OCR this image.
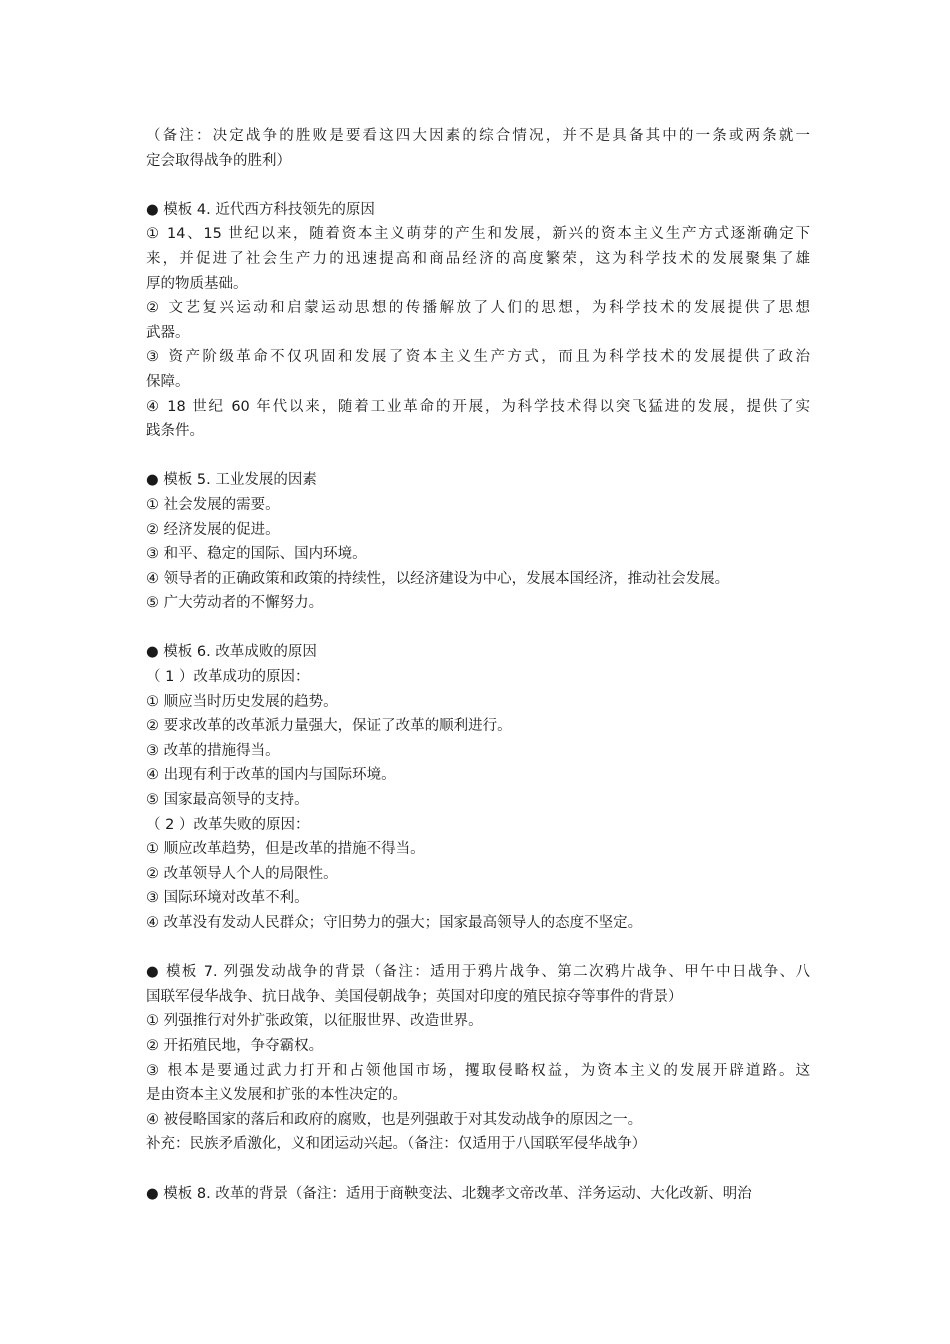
（备注：决定战争的胜败是要看这四大因素的综合情况，并不是具备其中的一条或两条就一
定会取得战争的胜利）
● 模板 4. 近代西方科技领先的原因
① 14、15 世纪以来，随着资本主义萌芽的产生和发展，新兴的资本主义生产方式逐渐确定下
来，并促进了社会生产力的迅速提高和商品经济的高度繁荣，这为科学技术的发展聚集了雄
厚的物质基础。
② 文艺复兴运动和启蒙运动思想的传播解放了人们的思想，为科学技术的发展提供了思想
武器。
③ 资产阶级革命不仅巩固和发展了资本主义生产方式，而且为科学技术的发展提供了政治
保障。
④ 18 世纪 60 年代以来，随着工业革命的开展，为科学技术得以突飞猛进的发展，提供了实
践条件。
● 模板 5. 工业发展的因素
① 社会发展的需要。
② 经济发展的促进。
③ 和平、稳定的国际、国内环境。
④ 领导者的正确政策和政策的持续性，以经济建设为中心，发展本国经济，推动社会发展。
⑤ 广大劳动者的不懈努力。
● 模板 6. 改革成败的原因
（ 1 ）改革成功的原因：
① 顺应当时历史发展的趋势。
② 要求改革的改革派力量强大，保证了改革的顺利进行。
③ 改革的措施得当。
④ 出现有利于改革的国内与国际环境。
⑤ 国家最高领导的支持。
（ 2 ）改革失败的原因：
① 顺应改革趋势，但是改革的措施不得当。
② 改革领导人个人的局限性。
③ 国际环境对改革不利。
④ 改革没有发动人民群众；守旧势力的强大；国家最高领导人的态度不坚定。
● 模板 7. 列强发动战争的背景（备注：适用于鸦片战争、第二次鸦片战争、甲午中日战争、八
国联军侵华战争、抗日战争、美国侵朝战争；英国对印度的殖民掠夺等事件的背景）
① 列强推行对外扩张政策，以征服世界、改造世界。
② 开拓殖民地，争夺霸权。
③ 根本是要通过武力打开和占领他国市场，攫取侵略权益，为资本主义的发展开辟道路。这
是由资本主义发展和扩张的本性决定的。
④ 被侵略国家的落后和政府的腐败，也是列强敢于对其发动战争的原因之一。
补充：民族矛盾激化，义和团运动兴起。（备注：仅适用于八国联军侵华战争）
● 模板 8. 改革的背景（备注：适用于商鞅变法、北魏孝文帝改革、洋务运动、大化改新、明治
